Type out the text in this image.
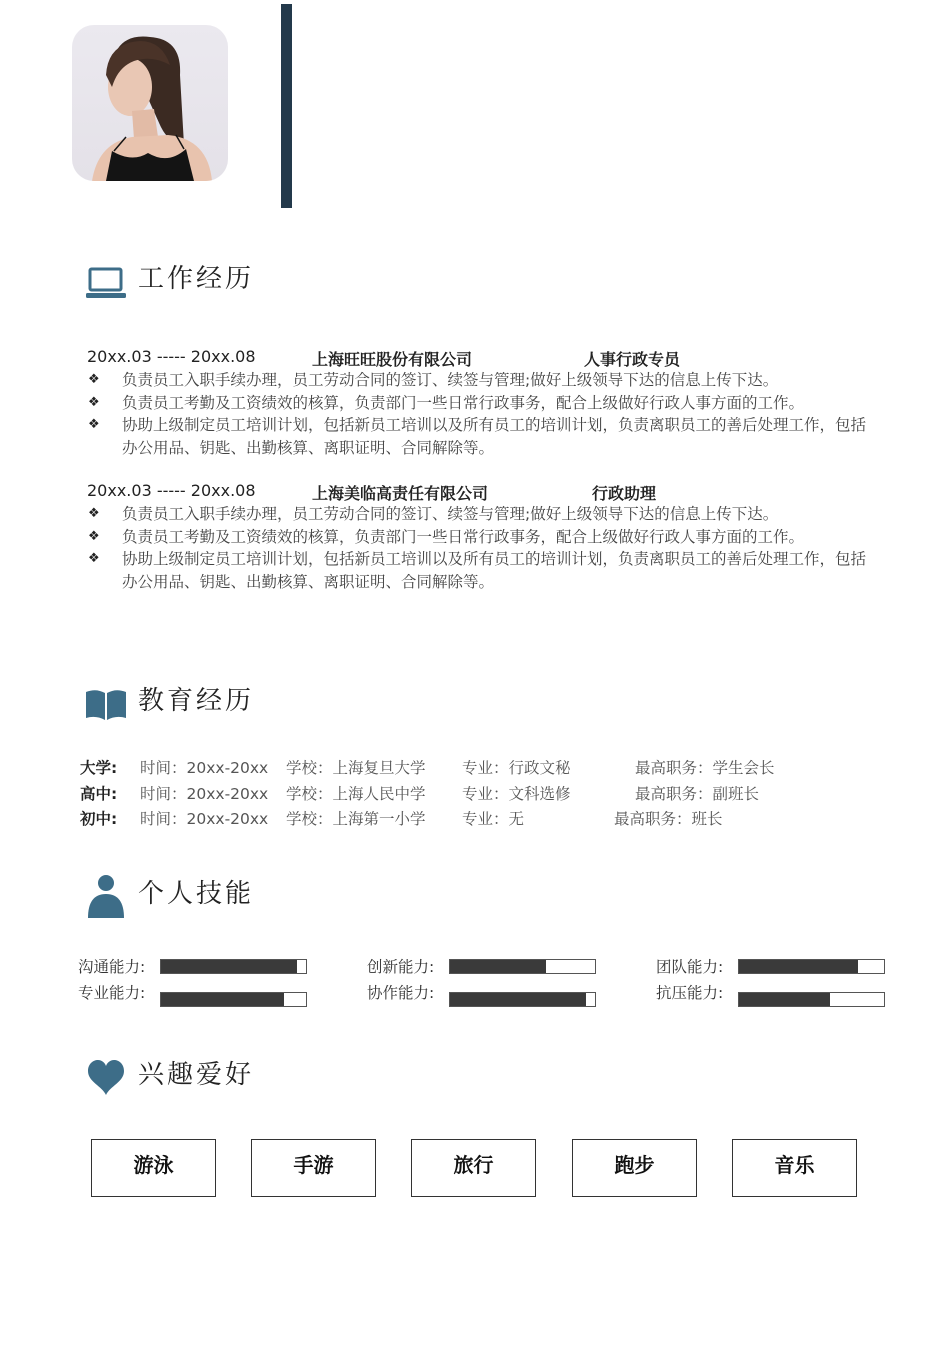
工作经历
20xx.03 ----- 20xx.08	上海旺旺股份有限公司	人事行政专员
❖ 负责员工入职手续办理，员工劳动合同的签订、续签与管理;做好上级领导下达的信息上传下达。
❖ 负责员工考勤及工资绩效的核算，负责部门一些日常行政事务，配合上级做好行政人事方面的工作。
❖ 协助上级制定员工培训计划，包括新员工培训以及所有员工的培训计划，负责离职员工的善后处理工作，包括办公用品、钥匙、出勤核算、离职证明、合同解除等。
20xx.03 ----- 20xx.08	上海美临高责任有限公司	行政助理
❖ 负责员工入职手续办理，员工劳动合同的签订、续签与管理;做好上级领导下达的信息上传下达。
❖ 负责员工考勤及工资绩效的核算，负责部门一些日常行政事务，配合上级做好行政人事方面的工作。
❖ 协助上级制定员工培训计划，包括新员工培训以及所有员工的培训计划，负责离职员工的善后处理工作，包括办公用品、钥匙、出勤核算、离职证明、合同解除等。
教育经历
大学: 时间：20xx-20xx 学校：上海复旦大学 专业：行政文秘	最高职务：学生会长
高中: 时间：20xx-20xx 学校：上海人民中学 专业：文科选修	最高职务：副班长
初中: 时间：20xx-20xx 学校：上海第一小学 专业：无	最高职务：班长
个人技能
沟通能力:	创新能力:	团队能力:
专业能力:	协作能力:	抗压能力:
兴趣爱好
游泳	手游	旅行	跑步	音乐
